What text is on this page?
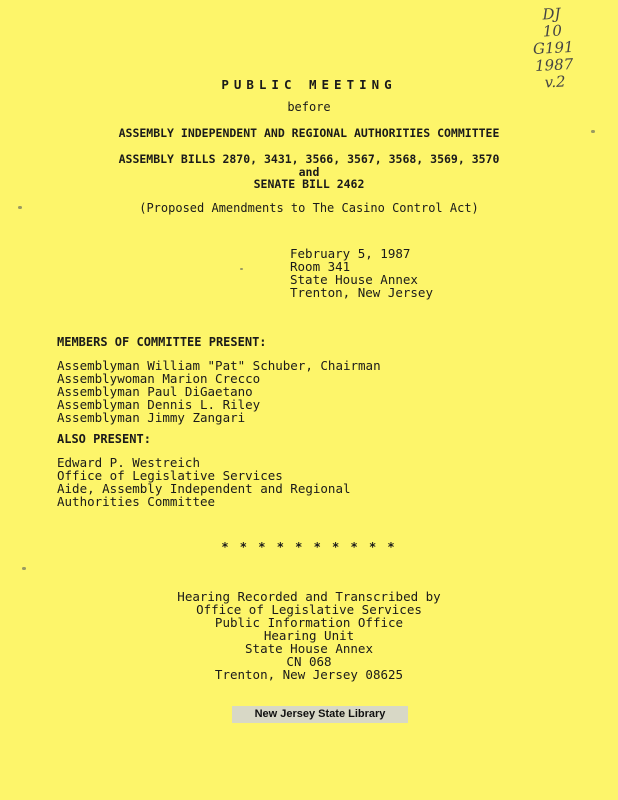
DJ
10
G191
1987
v.2
PUBLIC MEETING
before
ASSEMBLY INDEPENDENT AND REGIONAL AUTHORITIES COMMITTEE
ASSEMBLY BILLS 2870, 3431, 3566, 3567, 3568, 3569, 3570
and
SENATE BILL 2462
(Proposed Amendments to The Casino Control Act)
February 5, 1987
Room 341
State House Annex
Trenton, New Jersey
MEMBERS OF COMMITTEE PRESENT:
Assemblyman William "Pat" Schuber, Chairman
Assemblywoman Marion Crecco
Assemblyman Paul DiGaetano
Assemblyman Dennis L. Riley
Assemblyman Jimmy Zangari
ALSO PRESENT:
Edward P. Westreich
Office of Legislative Services
Aide, Assembly Independent and Regional
Authorities Committee
* * * * * * * * * *
Hearing Recorded and Transcribed by
Office of Legislative Services
Public Information Office
Hearing Unit
State House Annex
CN 068
Trenton, New Jersey 08625
New Jersey State Library
